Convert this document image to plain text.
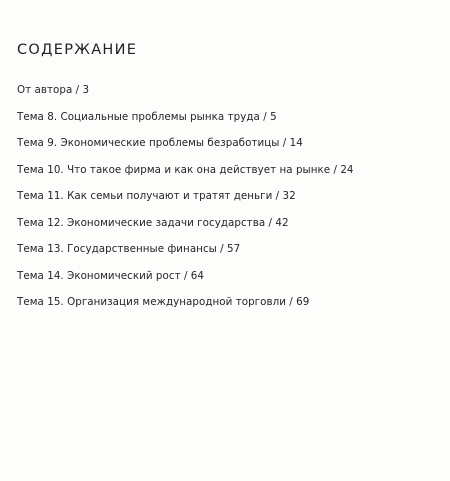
СОДЕРЖАНИЕ
От автора / 3
Тема 8. Социальные проблемы рынка труда / 5
Тема 9. Экономические проблемы безработицы / 14
Тема 10. Что такое фирма и как она действует на рынке / 24
Тема 11. Как семьи получают и тратят деньги / 32
Тема 12. Экономические задачи государства / 42
Тема 13. Государственные финансы / 57
Тема 14. Экономический рост / 64
Тема 15. Организация международной торговли / 69
